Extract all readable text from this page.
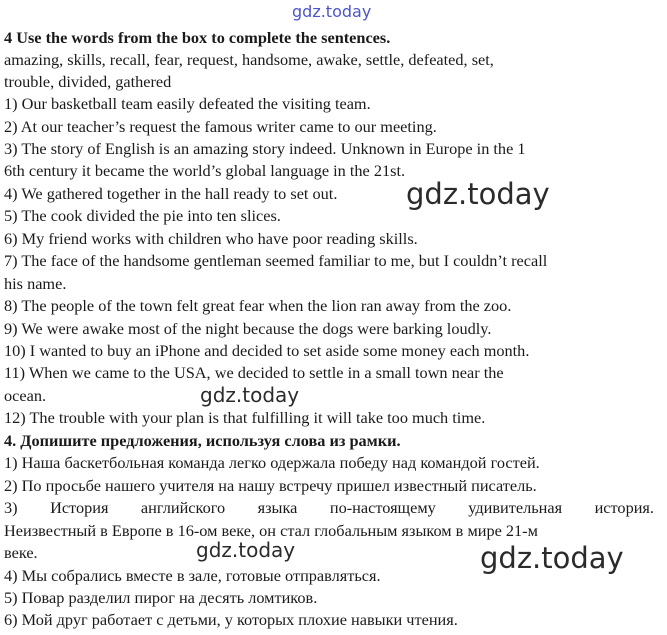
gdz.today
4 Use the words from the box to complete the sentences.
amazing, skills, recall, fear, request, handsome, awake, settle, defeated, set,
trouble, divided, gathered
1) Our basketball team easily defeated the visiting team.
2) At our teacher’s request the famous writer came to our meeting.
3) The story of English is an amazing story indeed. Unknown in Europe in the 1
6th century it became the world’s global language in the 21st.
4) We gathered together in the hall ready to set out.
5) The cook divided the pie into ten slices.
6) My friend works with children who have poor reading skills.
7) The face of the handsome gentleman seemed familiar to me, but I couldn’t recall
his name.
8) The people of the town felt great fear when the lion ran away from the zoo.
9) We were awake most of the night because the dogs were barking loudly.
10) I wanted to buy an iPhone and decided to set aside some money each month.
11) When we came to the USA, we decided to settle in a small town near the
ocean.
12) The trouble with your plan is that fulfilling it will take too much time.
4. Допишите предложения, используя слова из рамки.
1) Наша баскетбольная команда легко одержала победу над командой гостей.
2) По просьбе нашего учителя на нашу встречу пришел известный писатель.
3) История английского языка по-настоящему удивительная история.
Неизвестный в Европе в 16-ом веке, он стал глобальным языком в мире 21-м
веке.
4) Мы собрались вместе в зале, готовые отправляться.
5) Повар разделил пирог на десять ломтиков.
6) Мой друг работает с детьми, у которых плохие навыки чтения.
gdz.today
gdz.today
gdz.today	gdz.today
